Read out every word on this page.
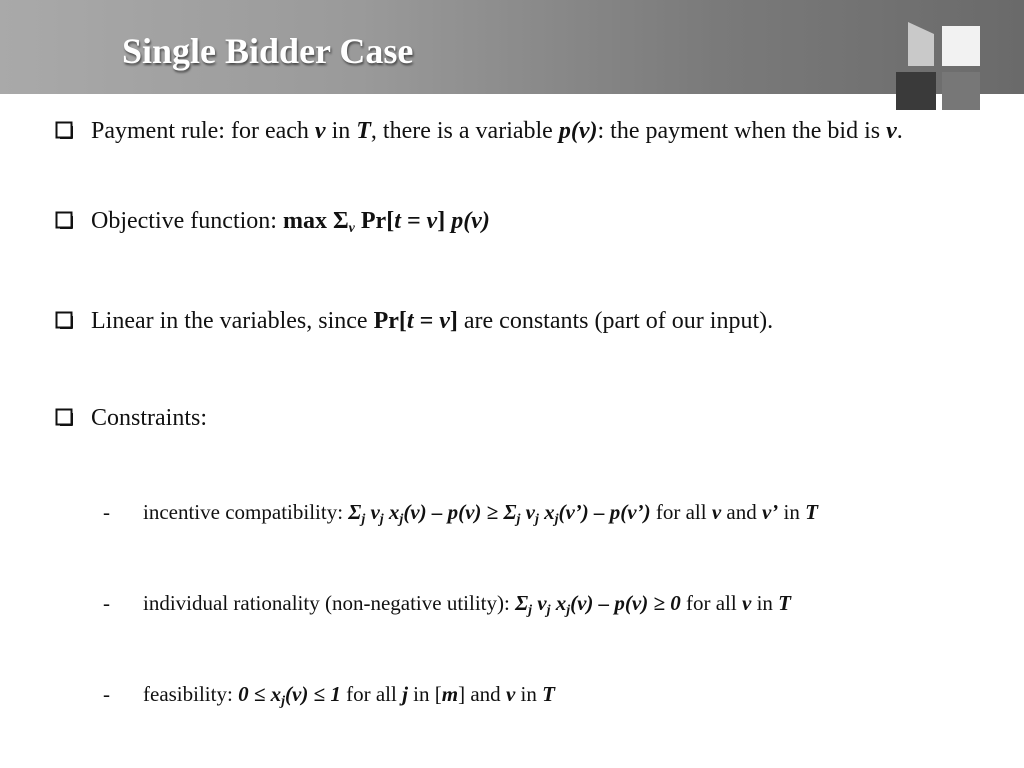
Single Bidder Case
Payment rule: for each v in T, there is a variable p(v): the payment when the bid is v.
Objective function: $\max \Sigma_v$ Pr[t = v] p(v)
Linear in the variables, since Pr[t = v] are constants (part of our input).
Constraints:
- incentive compatibility: $\Sigma_j$ $v_j$ $x_j(v) - p(v) \ge \Sigma_j$ $v_j$ $x_j(v’)$ – p(v’) for all v and v’ in T
- individual rationality (non-negative utility): $\Sigma_j$ $v_j$ $x_j(v) - p(v) \ge 0$ for all v in T
- feasibility: $0 \le x_j(v) \le 1$ for all j in [m] and v in T
